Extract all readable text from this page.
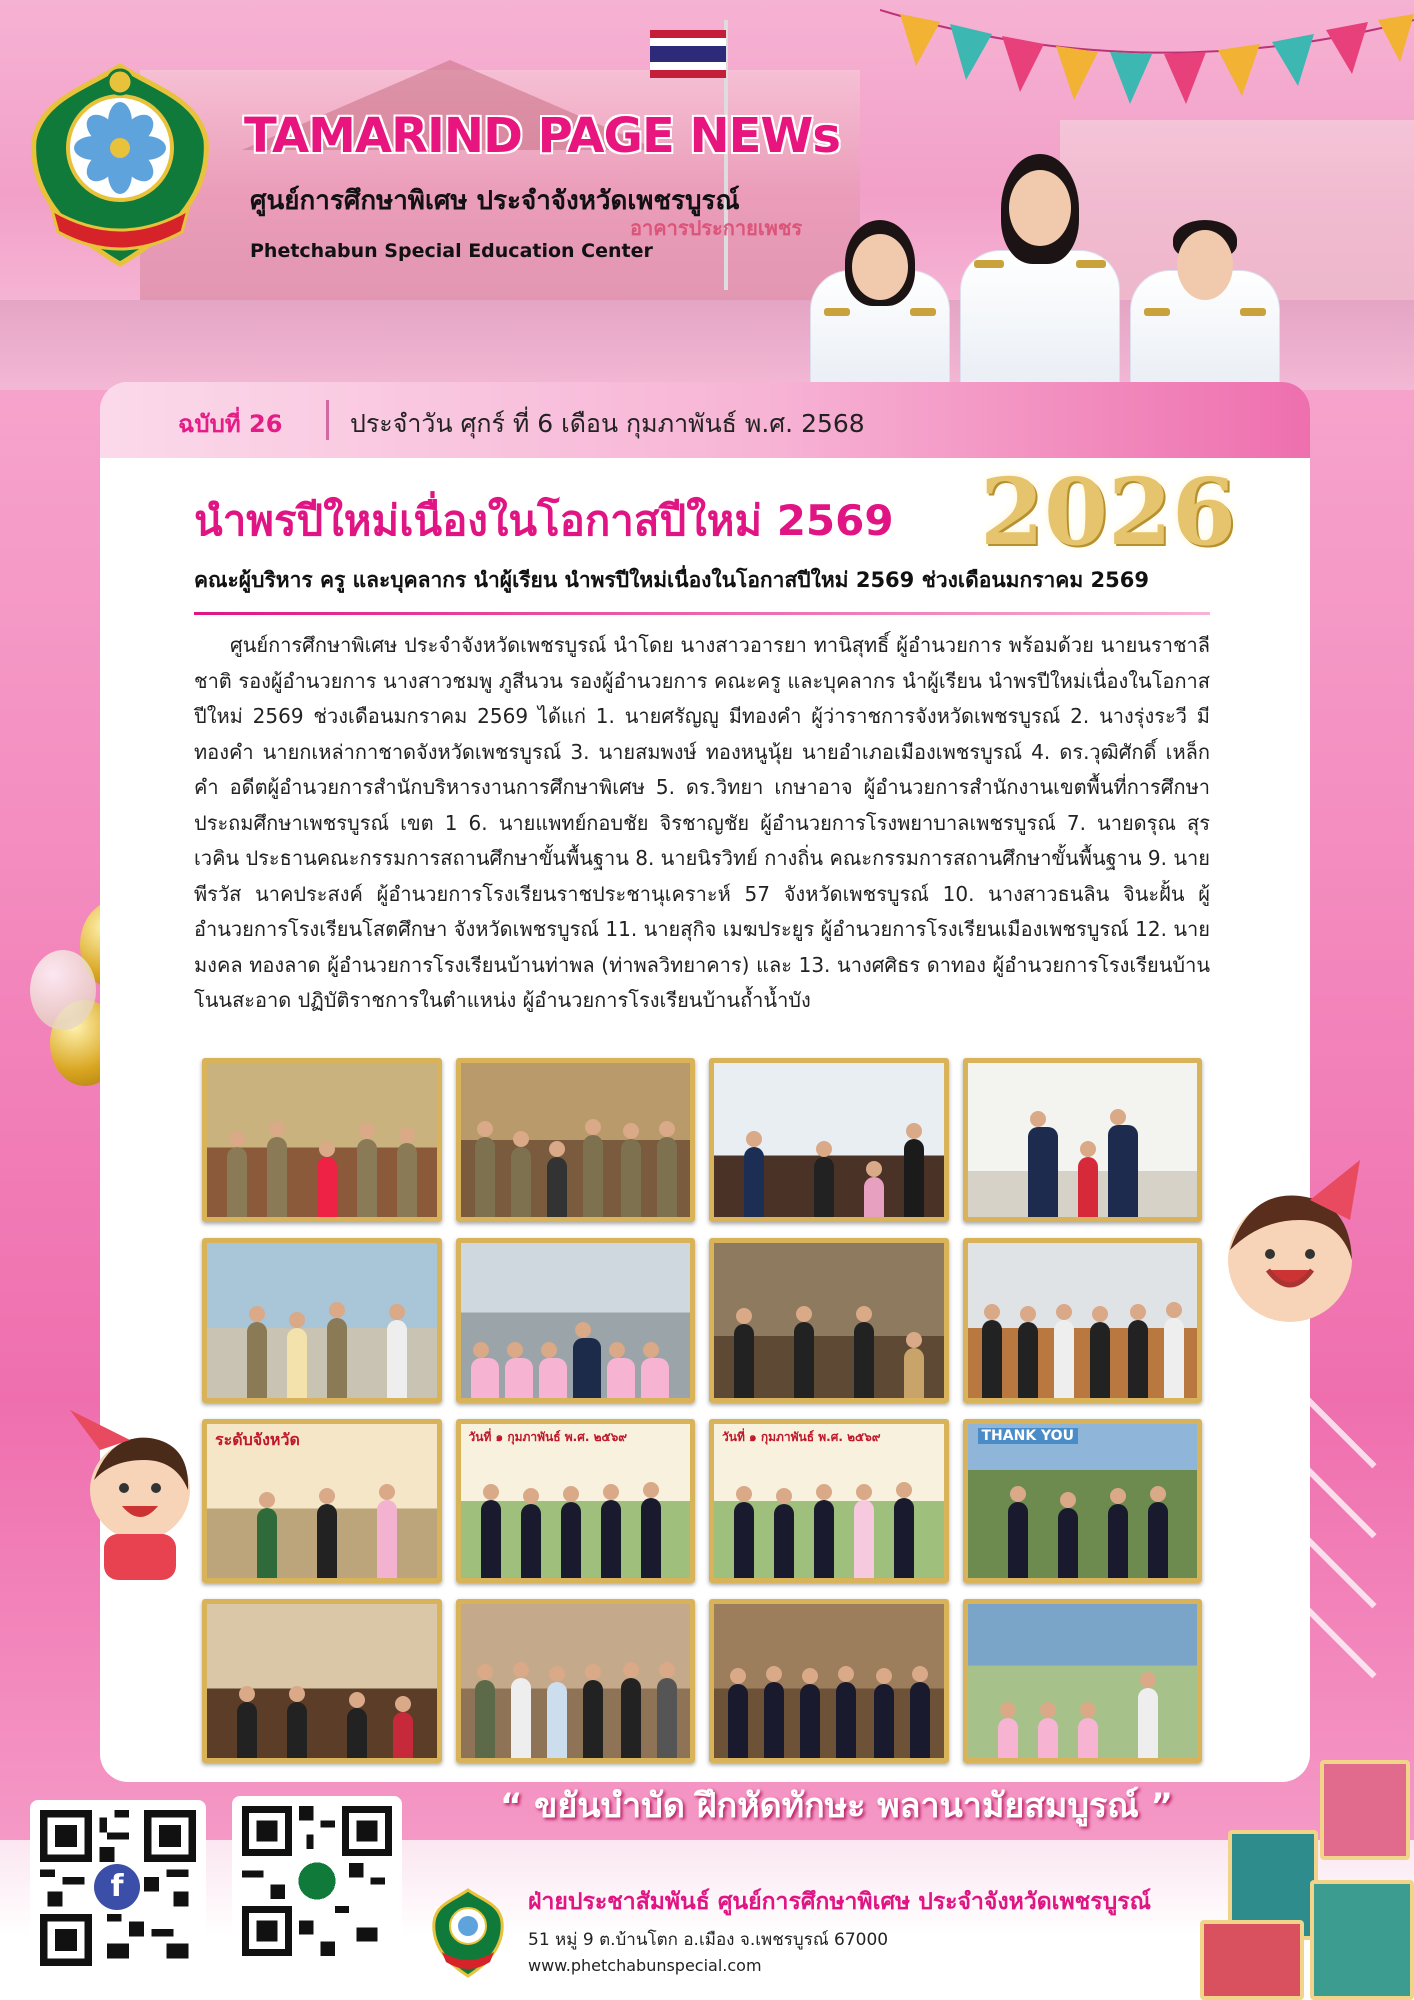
อาคารประกายเพชร
TAMARIND PAGE NEWs
ศูนย์การศึกษาพิเศษ ประจำจังหวัดเพชรบูรณ์
Phetchabun Special Education Center
ฉบับที่ 26	ประจำวัน ศุกร์ ที่ 6 เดือน กุมภาพันธ์ พ.ศ. 2568
นำพรปีใหม่เนื่องในโอกาสปีใหม่ 2569 2026
คณะผู้บริหาร ครู และบุคลากร นำผู้เรียน นำพรปีใหม่เนื่องในโอกาสปีใหม่ 2569 ช่วงเดือนมกราคม 2569
ศูนย์การศึกษาพิเศษ ประจำจังหวัดเพชรบูรณ์ นำโดย นางสาวอารยา ทานิสุทธิ์ ผู้อำนวยการ พร้อมด้วย นายนราชาลีชาติ รองผู้อำนวยการ นางสาวชมพู ภูสีนวน รองผู้อำนวยการ คณะครู และบุคลากร นำผู้เรียน นำพรปีใหม่เนื่องในโอกาสปีใหม่ 2569 ช่วงเดือนมกราคม 2569 ได้แก่ 1. นายศรัญญู มีทองคำ ผู้ว่าราชการจังหวัดเพชรบูรณ์ 2. นางรุ่งระวี มีทองคำ นายกเหล่ากาชาดจังหวัดเพชรบูรณ์ 3. นายสมพงษ์ ทองหนูนุ้ย นายอำเภอเมืองเพชรบูรณ์ 4. ดร.วุฒิศักดิ์ เหล็กคำ อดีตผู้อำนวยการสำนักบริหารงานการศึกษาพิเศษ 5. ดร.วิทยา เกษาอาจ ผู้อำนวยการสำนักงานเขตพื้นที่การศึกษาประถมศึกษาเพชรบูรณ์ เขต 1 6. นายแพทย์กอบชัย จิรชาญชัย ผู้อำนวยการโรงพยาบาลเพชรบูรณ์ 7. นายดรุณ สุรเวคิน ประธานคณะกรรมการสถานศึกษาขั้นพื้นฐาน 8. นายนิรวิทย์ กางถิ่น คณะกรรมการสถานศึกษาขั้นพื้นฐาน 9. นายพีรวัส นาคประสงค์ ผู้อำนวยการโรงเรียนราชประชานุเคราะห์ 57 จังหวัดเพชรบูรณ์ 10. นางสาวธนลิน จินะฝั้น ผู้อำนวยการโรงเรียนโสตศึกษา จังหวัดเพชรบูรณ์ 11. นายสุกิจ เมฆประยูร ผู้อำนวยการโรงเรียนเมืองเพชรบูรณ์ 12. นายมงคล ทองลาด ผู้อำนวยการโรงเรียนบ้านท่าพล (ท่าพลวิทยาคาร) และ 13. นางศศิธร ดาทอง ผู้อำนวยการโรงเรียนบ้านโนนสะอาด ปฏิบัติราชการในตำแหน่ง ผู้อำนวยการโรงเรียนบ้านถ้ำน้ำบัง
ระดับจังหวัด	วันที่ ๑ กุมภาพันธ์ พ.ศ. ๒๕๖๙	วันที่ ๑ กุมภาพันธ์ พ.ศ. ๒๕๖๙	THANK YOU
“ ขยันบำบัด ฝึกหัดทักษะ พลานามัยสมบูรณ์ ”
f	ฝ่ายประชาสัมพันธ์ ศูนย์การศึกษาพิเศษ ประจำจังหวัดเพชรบูรณ์
51 หมู่ 9 ต.บ้านโตก อ.เมือง จ.เพชรบูรณ์ 67000
www.phetchabunspecial.com
